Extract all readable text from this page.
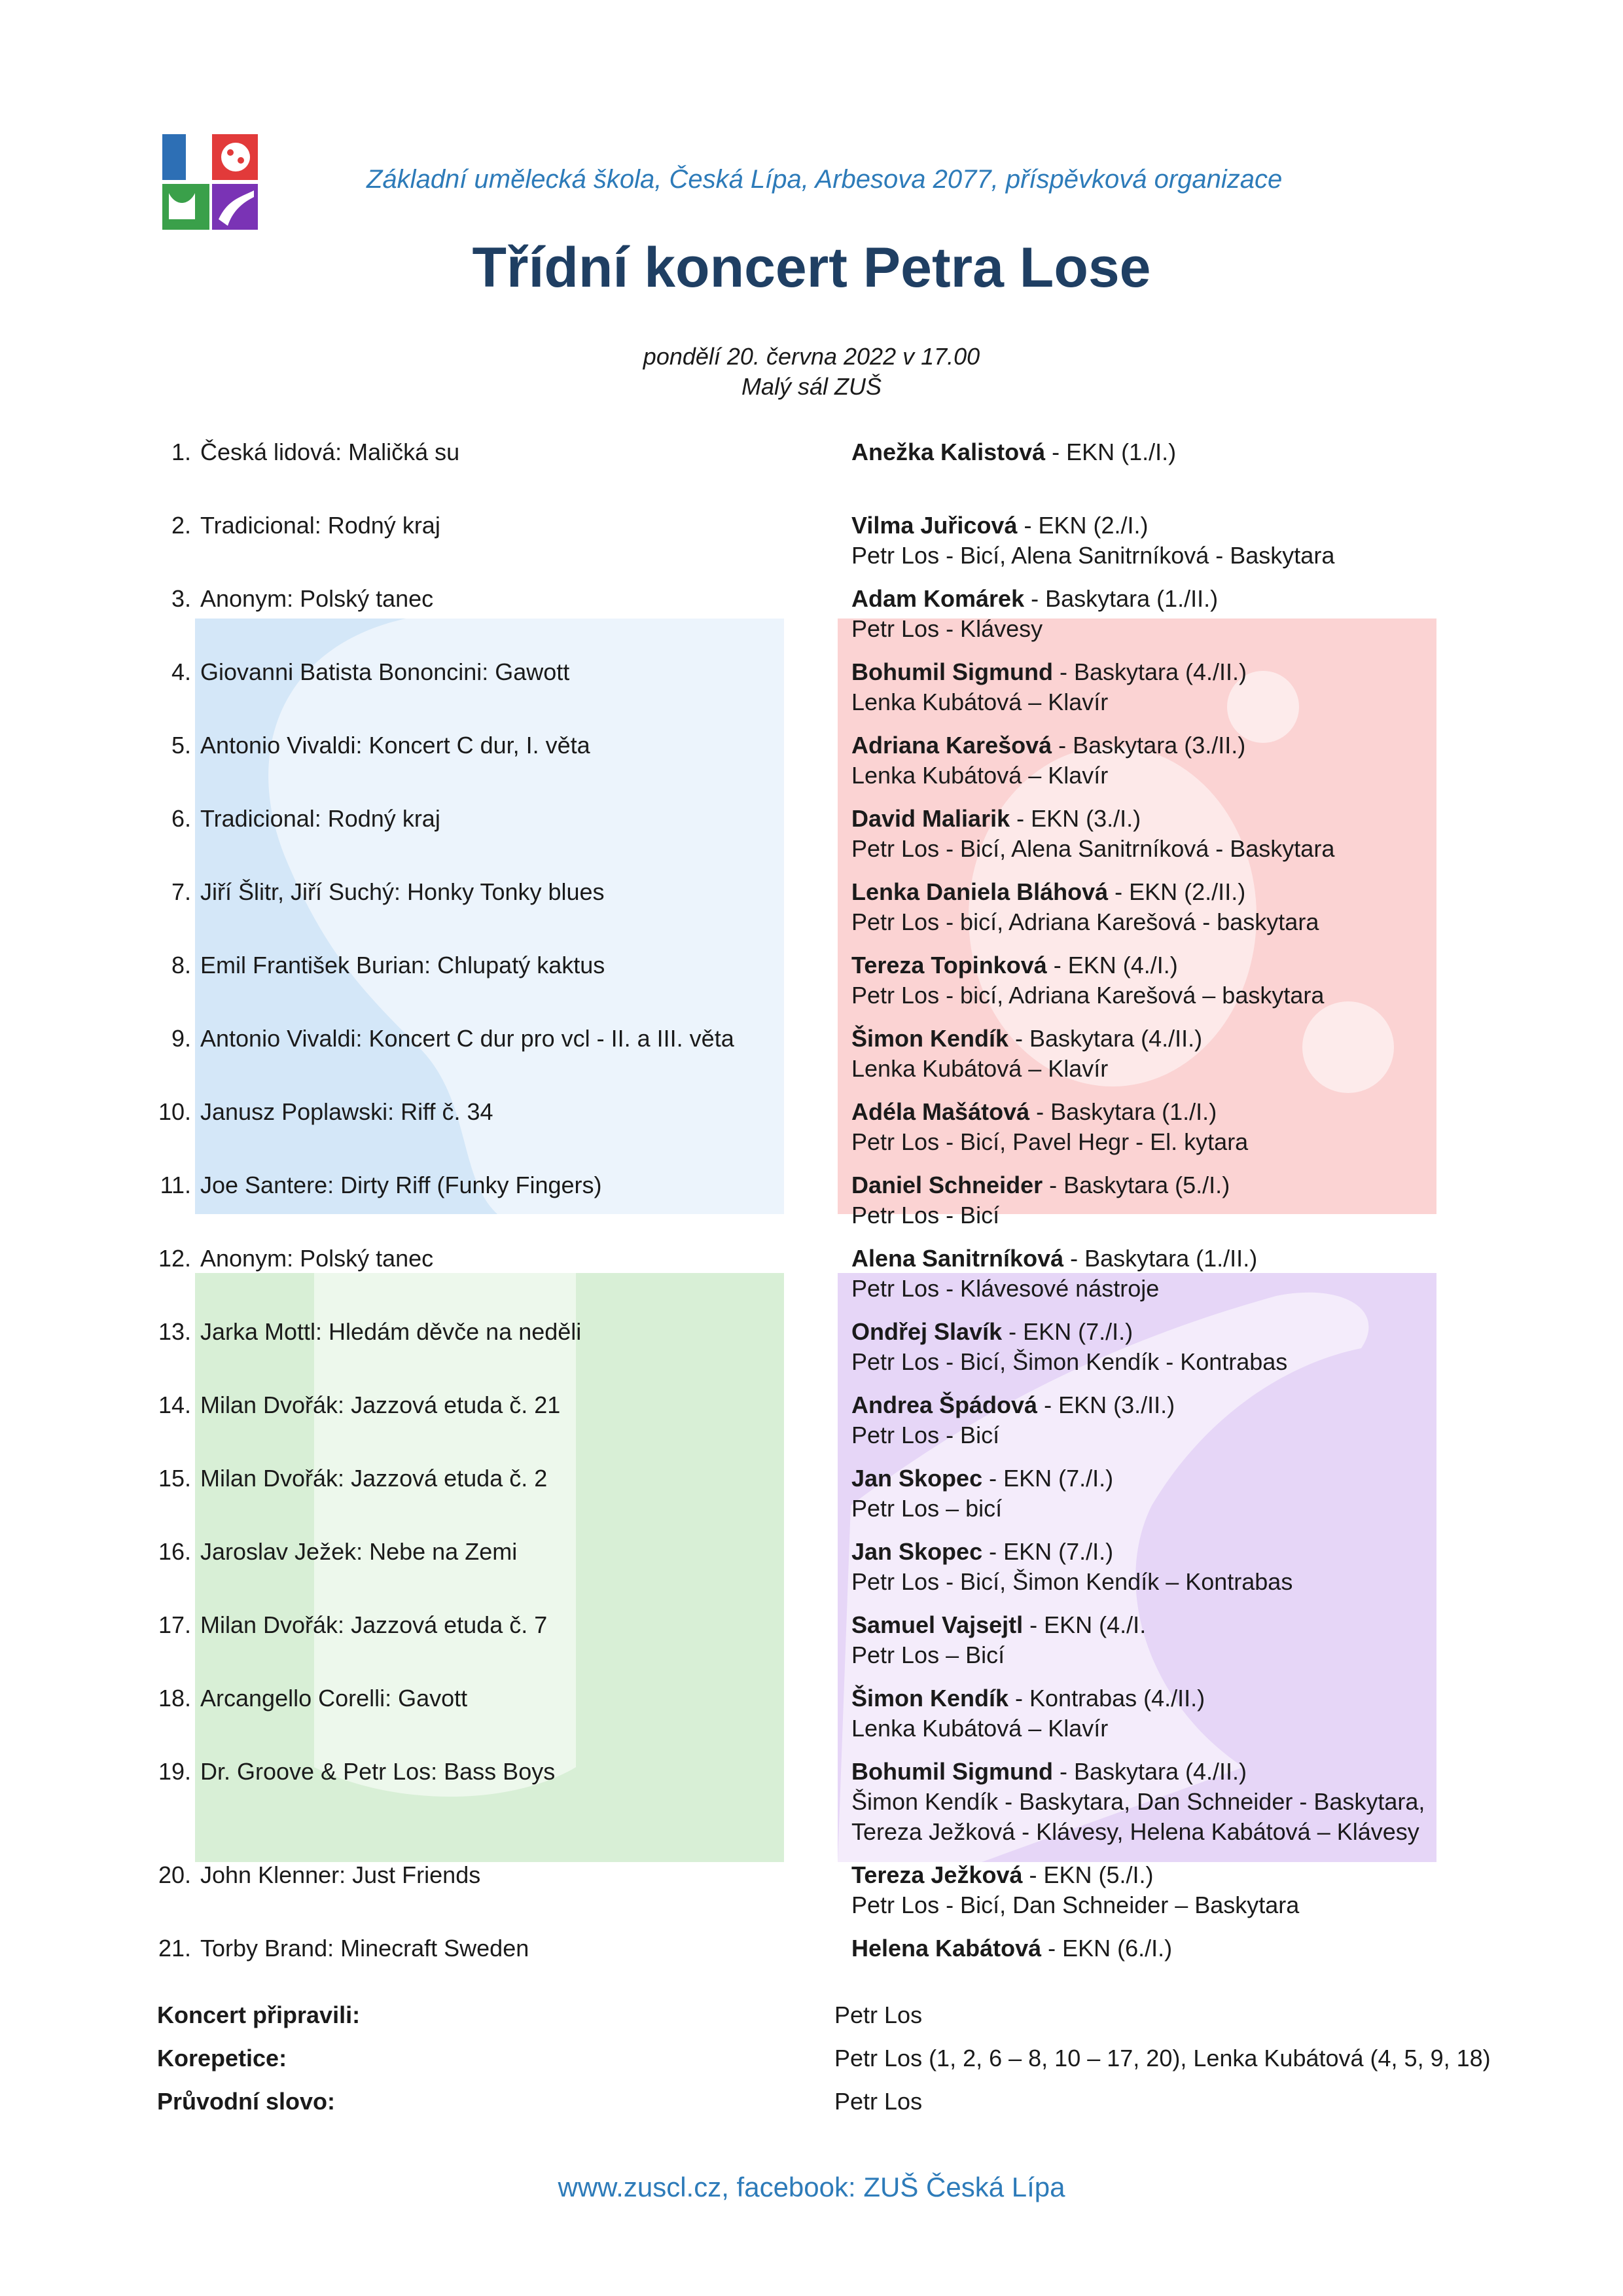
Základní umělecká škola, Česká Lípa, Arbesova 2077, příspěvková organizace
Třídní koncert Petra Lose
pondělí 20. června 2022 v 17.00
Malý sál ZUŠ
1. Česká lidová: Maličká su	Anežka Kalistová - EKN (1./I.)
2. Tradicional: Rodný kraj	Vilma Juřicová - EKN (2./I.)
Petr Los - Bicí, Alena Sanitrníková - Baskytara
3. Anonym: Polský tanec	Adam Komárek - Baskytara (1./II.)
Petr Los - Klávesy
4. Giovanni Batista Bononcini: Gawott	Bohumil Sigmund - Baskytara (4./II.)
Lenka Kubátová – Klavír
5. Antonio Vivaldi: Koncert C dur, I. věta	Adriana Karešová - Baskytara (3./II.)
Lenka Kubátová – Klavír
6. Tradicional: Rodný kraj	David Maliarik - EKN (3./I.)
Petr Los - Bicí, Alena Sanitrníková - Baskytara
7. Jiří Šlitr, Jiří Suchý: Honky Tonky blues	Lenka Daniela Bláhová - EKN (2./II.)
Petr Los - bicí, Adriana Karešová - baskytara
8. Emil František Burian: Chlupatý kaktus	Tereza Topinková - EKN (4./I.)
Petr Los - bicí, Adriana Karešová – baskytara
9. Antonio Vivaldi: Koncert C dur pro vcl - II. a III. věta	Šimon Kendík - Baskytara (4./II.)
Lenka Kubátová – Klavír
10. Janusz Poplawski: Riff č. 34	Adéla Mašátová - Baskytara (1./I.)
Petr Los - Bicí, Pavel Hegr - El. kytara
11. Joe Santere: Dirty Riff (Funky Fingers)	Daniel Schneider - Baskytara (5./I.)
Petr Los - Bicí
12. Anonym: Polský tanec	Alena Sanitrníková - Baskytara (1./II.)
Petr Los - Klávesové nástroje
13. Jarka Mottl: Hledám děvče na neděli	Ondřej Slavík - EKN (7./I.)
Petr Los - Bicí, Šimon Kendík - Kontrabas
14. Milan Dvořák: Jazzová etuda č. 21	Andrea Špádová - EKN (3./II.)
Petr Los - Bicí
15. Milan Dvořák: Jazzová etuda č. 2	Jan Skopec - EKN (7./I.)
Petr Los – bicí
16. Jaroslav Ježek: Nebe na Zemi	Jan Skopec - EKN (7./I.)
Petr Los - Bicí, Šimon Kendík – Kontrabas
17. Milan Dvořák: Jazzová etuda č. 7	Samuel Vajsejtl - EKN (4./I.
Petr Los – Bicí
18. Arcangello Corelli: Gavott	Šimon Kendík - Kontrabas (4./II.)
Lenka Kubátová – Klavír
19. Dr. Groove & Petr Los: Bass Boys	Bohumil Sigmund - Baskytara (4./II.)
Šimon Kendík - Baskytara, Dan Schneider - Baskytara,
Tereza Ježková - Klávesy, Helena Kabátová – Klávesy
20. John Klenner: Just Friends	Tereza Ježková - EKN (5./I.)
Petr Los - Bicí, Dan Schneider – Baskytara
21. Torby Brand: Minecraft Sweden	Helena Kabátová - EKN (6./I.)
Koncert připravili:	Petr Los
Korepetice:	Petr Los (1, 2, 6 – 8, 10 – 17, 20), Lenka Kubátová (4, 5, 9, 18)
Průvodní slovo:	Petr Los
www.zuscl.cz, facebook: ZUŠ Česká Lípa
